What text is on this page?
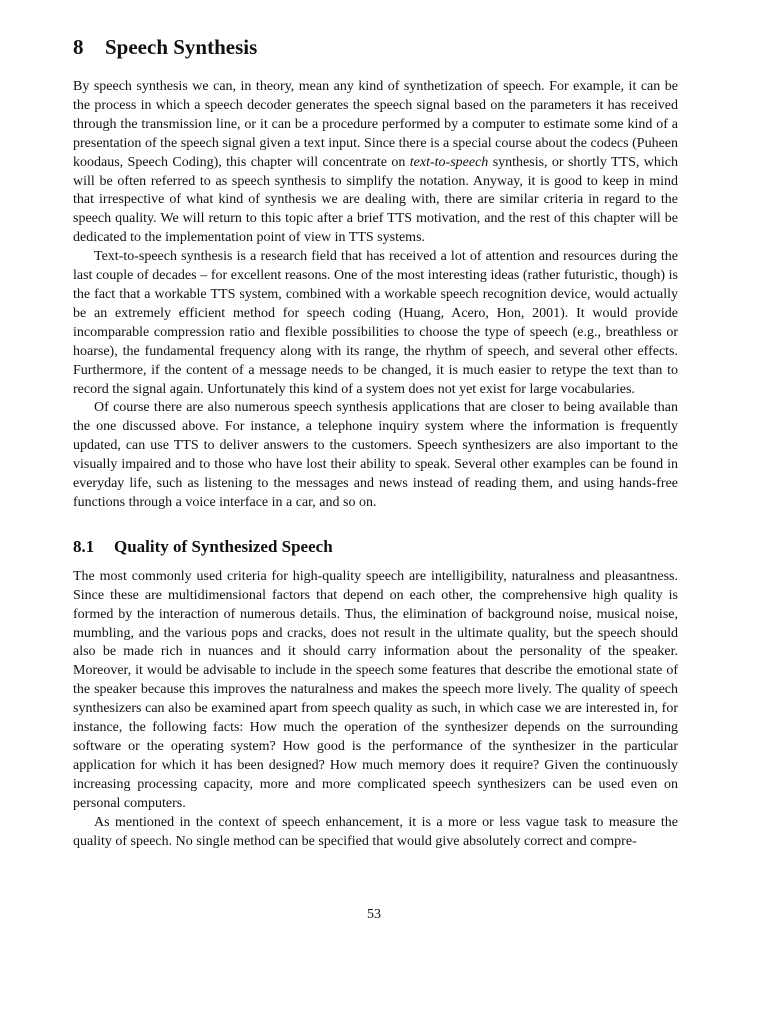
8 Speech Synthesis

By speech synthesis we can, in theory, mean any kind of synthetization of speech. For example, it can be the process in which a speech decoder generates the speech signal based on the parameters it has received through the transmission line, or it can be a procedure performed by a computer to estimate some kind of a presentation of the speech signal given a text input. Since there is a special course about the codecs (Puheen koodaus, Speech Coding), this chapter will concentrate on text-to-speech synthesis, or shortly TTS, which will be often referred to as speech synthesis to simplify the notation. Anyway, it is good to keep in mind that irrespective of what kind of synthesis we are dealing with, there are similar criteria in regard to the speech quality. We will return to this topic after a brief TTS motivation, and the rest of this chapter will be dedicated to the implementation point of view in TTS systems.

Text-to-speech synthesis is a research field that has received a lot of attention and resources during the last couple of decades – for excellent reasons. One of the most interesting ideas (rather futuristic, though) is the fact that a workable TTS system, combined with a workable speech recognition device, would actually be an extremely efficient method for speech coding (Huang, Acero, Hon, 2001). It would provide incomparable compression ratio and flexible possibilities to choose the type of speech (e.g., breathless or hoarse), the fundamental frequency along with its range, the rhythm of speech, and several other effects. Furthermore, if the content of a message needs to be changed, it is much easier to retype the text than to record the signal again. Unfortunately this kind of a system does not yet exist for large vocabularies.

Of course there are also numerous speech synthesis applications that are closer to being available than the one discussed above. For instance, a telephone inquiry system where the information is frequently updated, can use TTS to deliver answers to the customers. Speech synthesizers are also important to the visually impaired and to those who have lost their ability to speak. Several other examples can be found in everyday life, such as listening to the messages and news instead of reading them, and using hands-free functions through a voice interface in a car, and so on.

8.1 Quality of Synthesized Speech

The most commonly used criteria for high-quality speech are intelligibility, naturalness and pleasantness. Since these are multidimensional factors that depend on each other, the comprehensive high quality is formed by the interaction of numerous details. Thus, the elimination of background noise, musical noise, mumbling, and the various pops and cracks, does not result in the ultimate quality, but the speech should also be made rich in nuances and it should carry information about the personality of the speaker. Moreover, it would be advisable to include in the speech some features that describe the emotional state of the speaker because this improves the naturalness and makes the speech more lively. The quality of speech synthesizers can also be examined apart from speech quality as such, in which case we are interested in, for instance, the following facts: How much the operation of the synthesizer depends on the surrounding software or the operating system? How good is the performance of the synthesizer in the particular application for which it has been designed? How much memory does it require? Given the continuously increasing processing capacity, more and more complicated speech synthesizers can be used even on personal computers.

As mentioned in the context of speech enhancement, it is a more or less vague task to measure the quality of speech. No single method can be specified that would give absolutely correct and compre-

53
